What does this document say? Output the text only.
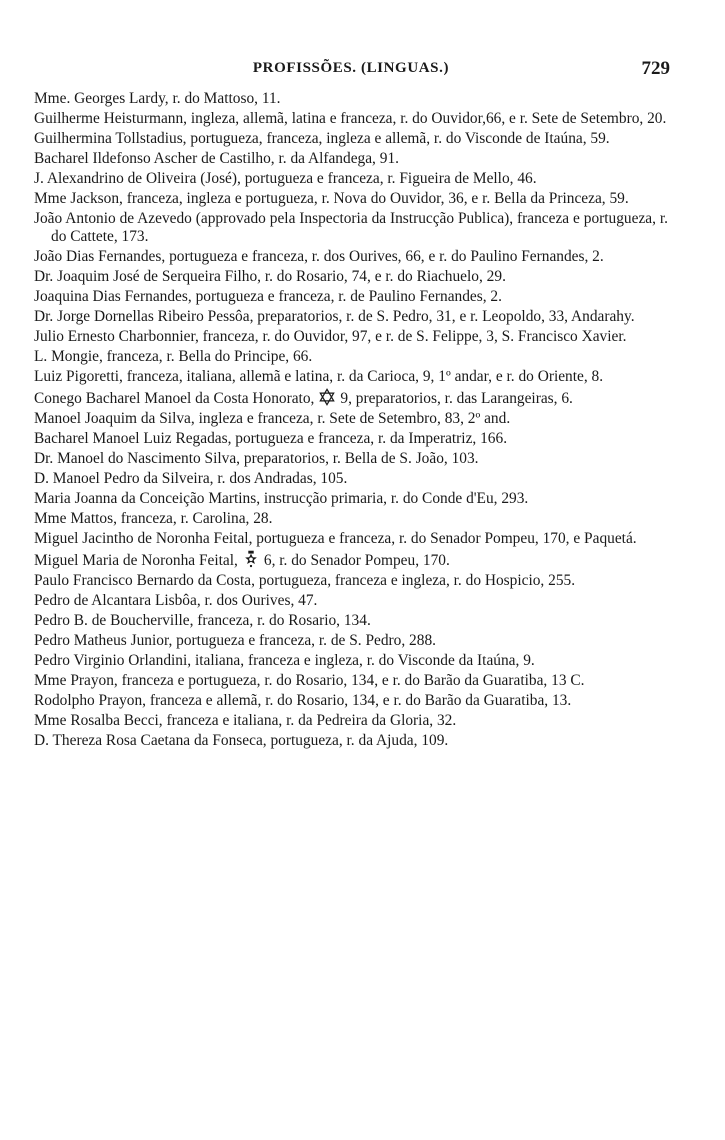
PROFISSÕES. (LINGUAS.)	729

Mme. Georges Lardy, r. do Mattoso, 11.

Guilherme Heisturmann, ingleza, allemã, latina e franceza, r. do Ouvidor,66, e r. Sete de Setembro, 20.

Guilhermina Tollstadius, portugueza, franceza, ingleza e allemã, r. do Visconde de Itaúna, 59.

Bacharel Ildefonso Ascher de Castilho, r. da Alfandega, 91.

J. Alexandrino de Oliveira (José), portugueza e franceza, r. Figueira de Mello, 46.

Mme Jackson, franceza, ingleza e portugueza, r. Nova do Ouvidor, 36, e r. Bella da Princeza, 59.

João Antonio de Azevedo (approvado pela Inspectoria da Instrucção Publica), franceza e portugueza, r. do Cattete, 173.

João Dias Fernandes, portugueza e franceza, r. dos Ourives, 66, e r. do Paulino Fernandes, 2.

Dr. Joaquim José de Serqueira Filho, r. do Rosario, 74, e r. do Riachuelo, 29.

Joaquina Dias Fernandes, portugueza e franceza, r. de Paulino Fernandes, 2.

Dr. Jorge Dornellas Ribeiro Pessôa, preparatorios, r. de S. Pedro, 31, e r. Leopoldo, 33, Andarahy.

Julio Ernesto Charbonnier, franceza, r. do Ouvidor, 97, e r. de S. Felippe, 3, S. Francisco Xavier.

L. Mongie, franceza, r. Bella do Principe, 66.

Luiz Pigoretti, franceza, italiana, allemã e latina, r. da Carioca, 9, 1º andar, e r. do Oriente, 8.

Conego Bacharel Manoel da Costa Honorato, 9, preparatorios, r. das Larangeiras, 6.

Manoel Joaquim da Silva, ingleza e franceza, r. Sete de Setembro, 83, 2º and.

Bacharel Manoel Luiz Regadas, portugueza e franceza, r. da Imperatriz, 166.

Dr. Manoel do Nascimento Silva, preparatorios, r. Bella de S. João, 103.

D. Manoel Pedro da Silveira, r. dos Andradas, 105.

Maria Joanna da Conceição Martins, instrucção primaria, r. do Conde d'Eu, 293.

Mme Mattos, franceza, r. Carolina, 28.

Miguel Jacintho de Noronha Feital, portugueza e franceza, r. do Senador Pompeu, 170, e Paquetá.

Miguel Maria de Noronha Feital, 6, r. do Senador Pompeu, 170.

Paulo Francisco Bernardo da Costa, portugueza, franceza e ingleza, r. do Hospicio, 255.

Pedro de Alcantara Lisbôa, r. dos Ourives, 47.

Pedro B. de Boucherville, franceza, r. do Rosario, 134.

Pedro Matheus Junior, portugueza e franceza, r. de S. Pedro, 288.

Pedro Virginio Orlandini, italiana, franceza e ingleza, r. do Visconde da Itaúna, 9.

Mme Prayon, franceza e portugueza, r. do Rosario, 134, e r. do Barão da Guaratiba, 13 C.

Rodolpho Prayon, franceza e allemã, r. do Rosario, 134, e r. do Barão da Guaratiba, 13.

Mme Rosalba Becci, franceza e italiana, r. da Pedreira da Gloria, 32.

D. Thereza Rosa Caetana da Fonseca, portugueza, r. da Ajuda, 109.
